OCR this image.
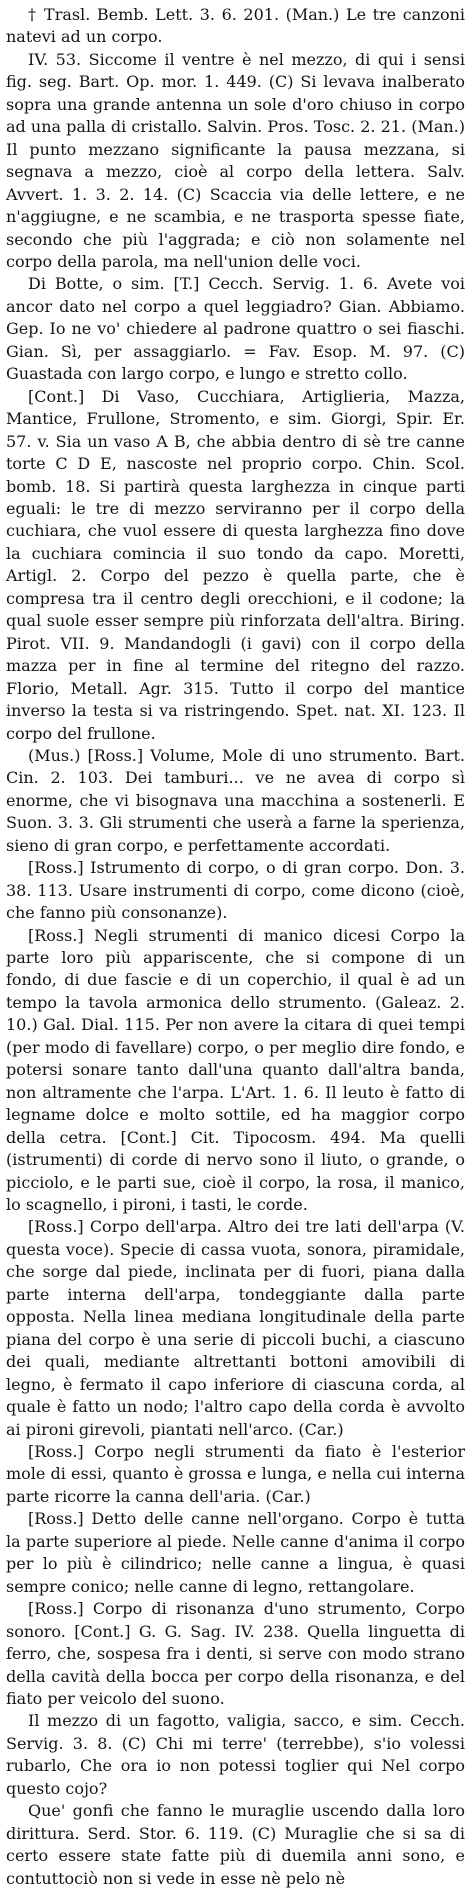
† Trasl. Bemb. Lett. 3. 6. 201. (Man.) Le tre canzoni natevi ad un corpo.

IV. 53. Siccome il ventre è nel mezzo, di qui i sensi fig. seg. Bart. Op. mor. 1. 449. (C) Si levava inalberato sopra una grande antenna un sole d'oro chiuso in corpo ad una palla di cristallo. Salvin. Pros. Tosc. 2. 21. (Man.) Il punto mezzano significante la pausa mezzana, si segnava a mezzo, cioè al corpo della lettera. Salv. Avvert. 1. 3. 2. 14. (C) Scaccia via delle lettere, e ne n'aggiugne, e ne scambia, e ne trasporta spesse fiate, secondo che più l'aggrada; e ciò non solamente nel corpo della parola, ma nell'union delle voci.

Di Botte, o sim. [T.] Cecch. Servig. 1. 6. Avete voi ancor dato nel corpo a quel leggiadro? Gian. Abbiamo. Gep. Io ne vo' chiedere al padrone quattro o sei fiaschi. Gian. Sì, per assaggiarlo. = Fav. Esop. M. 97. (C) Guastada con largo corpo, e lungo e stretto collo.

[Cont.] Di Vaso, Cucchiara, Artiglieria, Mazza, Mantice, Frullone, Stromento, e sim. Giorgi, Spir. Er. 57. v. Sia un vaso A B, che abbia dentro di sè tre canne torte C D E, nascoste nel proprio corpo. Chin. Scol. bomb. 18. Si partirà questa larghezza in cinque parti eguali: le tre di mezzo serviranno per il corpo della cuchiara, che vuol essere di questa larghezza fino dove la cuchiara comincia il suo tondo da capo. Moretti, Artigl. 2. Corpo del pezzo è quella parte, che è compresa tra il centro degli orecchioni, e il codone; la qual suole esser sempre più rinforzata dell'altra. Biring. Pirot. VII. 9. Mandandogli (i gavi) con il corpo della mazza per in fine al termine del ritegno del razzo. Florio, Metall. Agr. 315. Tutto il corpo del mantice inverso la testa si va ristringendo. Spet. nat. XI. 123. Il corpo del frullone.

(Mus.) [Ross.] Volume, Mole di uno strumento. Bart. Cin. 2. 103. Dei tamburi... ve ne avea di corpo sì enorme, che vi bisognava una macchina a sostenerli. E Suon. 3. 3. Gli strumenti che userà a farne la sperienza, sieno di gran corpo, e perfettamente accordati.

[Ross.] Istrumento di corpo, o di gran corpo. Don. 3. 38. 113. Usare instrumenti di corpo, come dicono (cioè, che fanno più consonanze).

[Ross.] Negli strumenti di manico dicesi Corpo la parte loro più appariscente, che si compone di un fondo, di due fascie e di un coperchio, il qual è ad un tempo la tavola armonica dello strumento. (Galeaz. 2. 10.) Gal. Dial. 115. Per non avere la citara di quei tempi (per modo di favellare) corpo, o per meglio dire fondo, e potersi sonare tanto dall'una quanto dall'altra banda, non altramente che l'arpa. L'Art. 1. 6. Il leuto è fatto di legname dolce e molto sottile, ed ha maggior corpo della cetra. [Cont.] Cit. Tipocosm. 494. Ma quelli (istrumenti) di corde di nervo sono il liuto, o grande, o picciolo, e le parti sue, cioè il corpo, la rosa, il manico, lo scagnello, i pironi, i tasti, le corde.

[Ross.] Corpo dell'arpa. Altro dei tre lati dell'arpa (V. questa voce). Specie di cassa vuota, sonora, piramidale, che sorge dal piede, inclinata per di fuori, piana dalla parte interna dell'arpa, tondeggiante dalla parte opposta. Nella linea mediana longitudinale della parte piana del corpo è una serie di piccoli buchi, a ciascuno dei quali, mediante altrettanti bottoni amovibili di legno, è fermato il capo inferiore di ciascuna corda, al quale è fatto un nodo; l'altro capo della corda è avvolto ai pironi girevoli, piantati nell'arco. (Car.)

[Ross.] Corpo negli strumenti da fiato è l'esterior mole di essi, quanto è grossa e lunga, e nella cui interna parte ricorre la canna dell'aria. (Car.)

[Ross.] Detto delle canne nell'organo. Corpo è tutta la parte superiore al piede. Nelle canne d'anima il corpo per lo più è cilindrico; nelle canne a lingua, è quasi sempre conico; nelle canne di legno, rettangolare.

[Ross.] Corpo di risonanza d'uno strumento, Corpo sonoro. [Cont.] G. G. Sag. IV. 238. Quella linguetta di ferro, che, sospesa fra i denti, si serve con modo strano della cavità della bocca per corpo della risonanza, e del fiato per veicolo del suono.

Il mezzo di un fagotto, valigia, sacco, e sim. Cecch. Servig. 3. 8. (C) Chi mi terre' (terrebbe), s'io volessi rubarlo, Che ora io non potessi toglier qui Nel corpo questo cojo?

Que' gonfi che fanno le muraglie uscendo dalla loro dirittura. Serd. Stor. 6. 119. (C) Muraglie che si sa di certo essere state fatte più di duemila anni sono, e contuttociò non si vede in esse nè pelo nè
